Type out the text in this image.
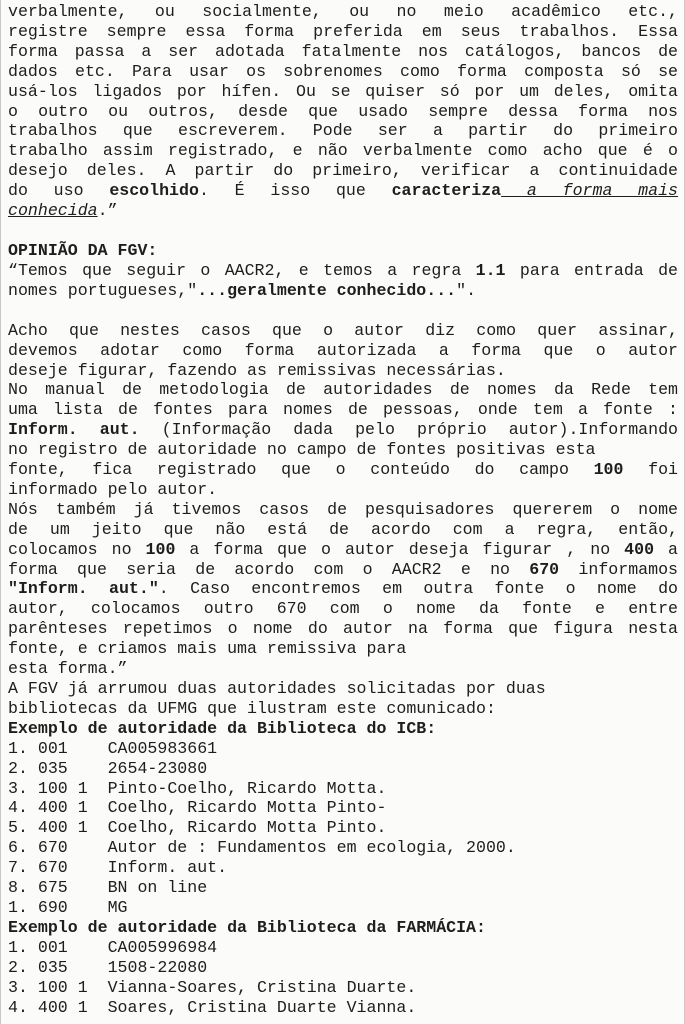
verbalmente, ou socialmente, ou no meio acadêmico etc.,

registre sempre essa forma preferida em seus trabalhos. Essa

forma passa a ser adotada fatalmente nos catálogos, bancos de

dados etc. Para usar os sobrenomes como forma composta só se

usá-los ligados por hífen. Ou se quiser só por um deles, omita

o outro ou outros, desde que usado sempre dessa forma nos

trabalhos que escreverem. Pode ser a partir do primeiro

trabalho assim registrado, e não verbalmente como acho que é o

desejo deles. A partir do primeiro, verificar a continuidade

do uso escolhido. É isso que caracteriza a forma mais

conhecida.”

OPINIÃO DA FGV:

“Temos que seguir o AACR2, e temos a regra 1.1 para entrada de

nomes portugueses,"...geralmente conhecido...".

Acho que nestes casos que o autor diz como quer assinar,

devemos adotar como forma autorizada a forma que o autor

deseje figurar, fazendo as remissivas necessárias.

No manual de metodologia de autoridades de nomes da Rede tem

uma lista de fontes para nomes de pessoas, onde tem a fonte :

Inform. aut. (Informação dada pelo próprio autor).Informando

no registro de autoridade no campo de fontes positivas esta

fonte, fica registrado que o conteúdo do campo 100 foi

informado pelo autor.

Nós também já tivemos casos de pesquisadores quererem o nome

de um jeito que não está de acordo com a regra, então,

colocamos no 100 a forma que o autor deseja figurar , no 400 a

forma que seria de acordo com o AACR2 e no 670 informamos

"Inform. aut.". Caso encontremos em outra fonte o nome do

autor, colocamos outro 670 com o nome da fonte e entre

parênteses repetimos o nome do autor na forma que figura nesta

fonte, e criamos mais uma remissiva para

esta forma.”

A FGV já arrumou duas autoridades solicitadas por duas

bibliotecas da UFMG que ilustram este comunicado:

Exemplo de autoridade da Biblioteca do ICB:

1. 001    CA005983661

2. 035    2654-23080

3. 100 1  Pinto-Coelho, Ricardo Motta.

4. 400 1  Coelho, Ricardo Motta Pinto-

5. 400 1  Coelho, Ricardo Motta Pinto.

6. 670    Autor de : Fundamentos em ecologia, 2000.

7. 670    Inform. aut.

8. 675    BN on line

1. 690    MG

Exemplo de autoridade da Biblioteca da FARMÁCIA:

1. 001    CA005996984

2. 035    1508-22080

3. 100 1  Vianna-Soares, Cristina Duarte.

4. 400 1  Soares, Cristina Duarte Vianna.
